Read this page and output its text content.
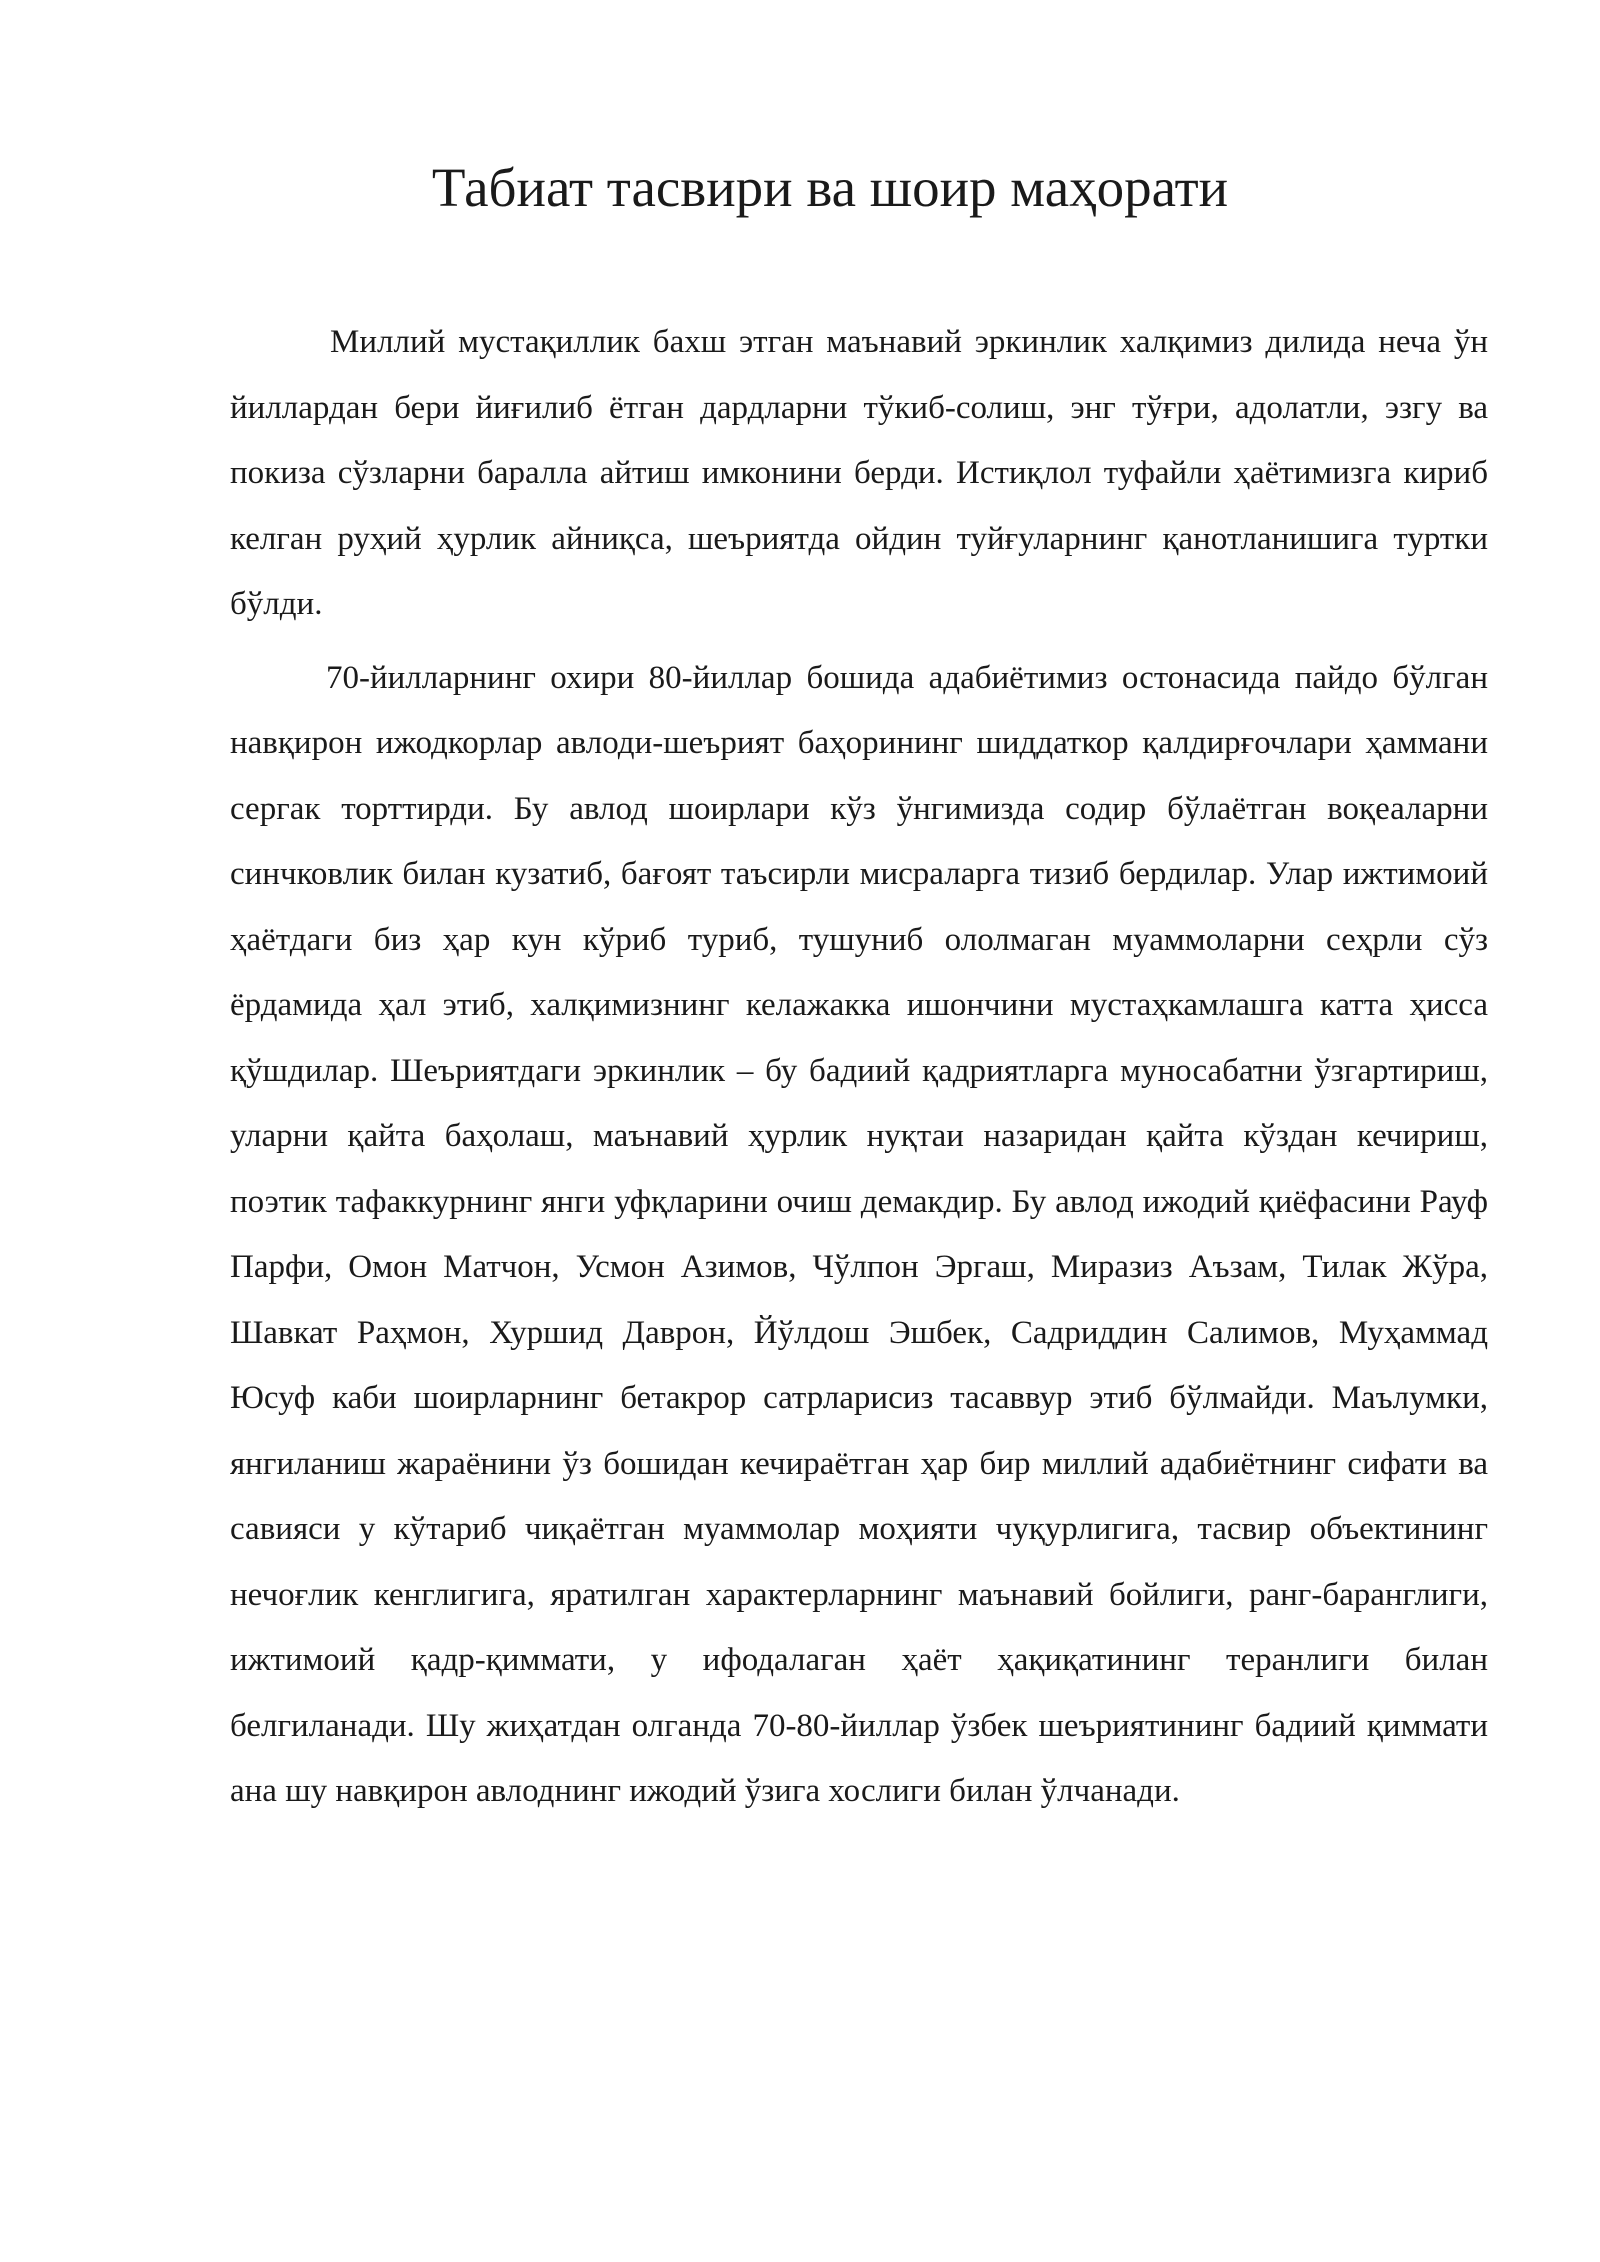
Табиат тасвири ва шоир маҳорати

Миллий мустақиллик бахш этган маънавий эркинлик халқимиз дилида неча ўн йиллардан бери йиғилиб ётган дардларни тўкиб-солиш, энг тўғри, адолатли, эзгу ва покиза сўзларни баралла айтиш имконини берди. Истиқлол туфайли ҳаётимизга кириб келган руҳий ҳурлик айниқса, шеъриятда ойдин туйғуларнинг қанотланишига туртки бўлди.

70-йилларнинг охири 80-йиллар бошида адабиётимиз остонасида пайдо бўлган навқирон ижодкорлар авлоди-шеърият баҳорининг шиддаткор қалдирғочлари ҳаммани сергак торттирди. Бу авлод шоирлари кўз ўнгимизда содир бўлаётган воқеаларни синчковлик билан кузатиб, бағоят таъсирли мисраларга тизиб бердилар. Улар ижтимоий ҳаётдаги биз ҳар кун кўриб туриб, тушуниб ололмаган муаммоларни сеҳрли сўз ёрдамида ҳал этиб, халқимизнинг келажакка ишончини мустаҳкамлашга катта ҳисса қўшдилар. Шеъриятдаги эркинлик – бу бадиий қадриятларга муносабатни ўзгартириш, уларни қайта баҳолаш, маънавий ҳурлик нуқтаи назаридан қайта кўздан кечириш, поэтик тафаккурнинг янги уфқларини очиш демакдир. Бу авлод ижодий қиёфасини Рауф Парфи, Омон Матчон, Усмон Азимов, Чўлпон Эргаш, Миразиз Аъзам, Тилак Жўра, Шавкат Раҳмон, Хуршид Даврон, Йўлдош Эшбек, Садриддин Салимов, Муҳаммад Юсуф каби шоирларнинг бетакрор сатрларисиз тасаввур этиб бўлмайди. Маълумки, янгиланиш жараёнини ўз бошидан кечираётган ҳар бир миллий адабиётнинг сифати ва савияси у кўтариб чиқаётган муаммолар моҳияти чуқурлигига, тасвир объектининг нечоғлик кенглигига, яратилган характерларнинг маънавий бойлиги, ранг-баранглиги, ижтимоий қадр-қиммати, у ифодалаган ҳаёт ҳақиқатининг теранлиги билан белгиланади. Шу жиҳатдан олганда 70-80-йиллар ўзбек шеъриятининг бадиий қиммати ана шу навқирон авлоднинг ижодий ўзига хослиги билан ўлчанади.
